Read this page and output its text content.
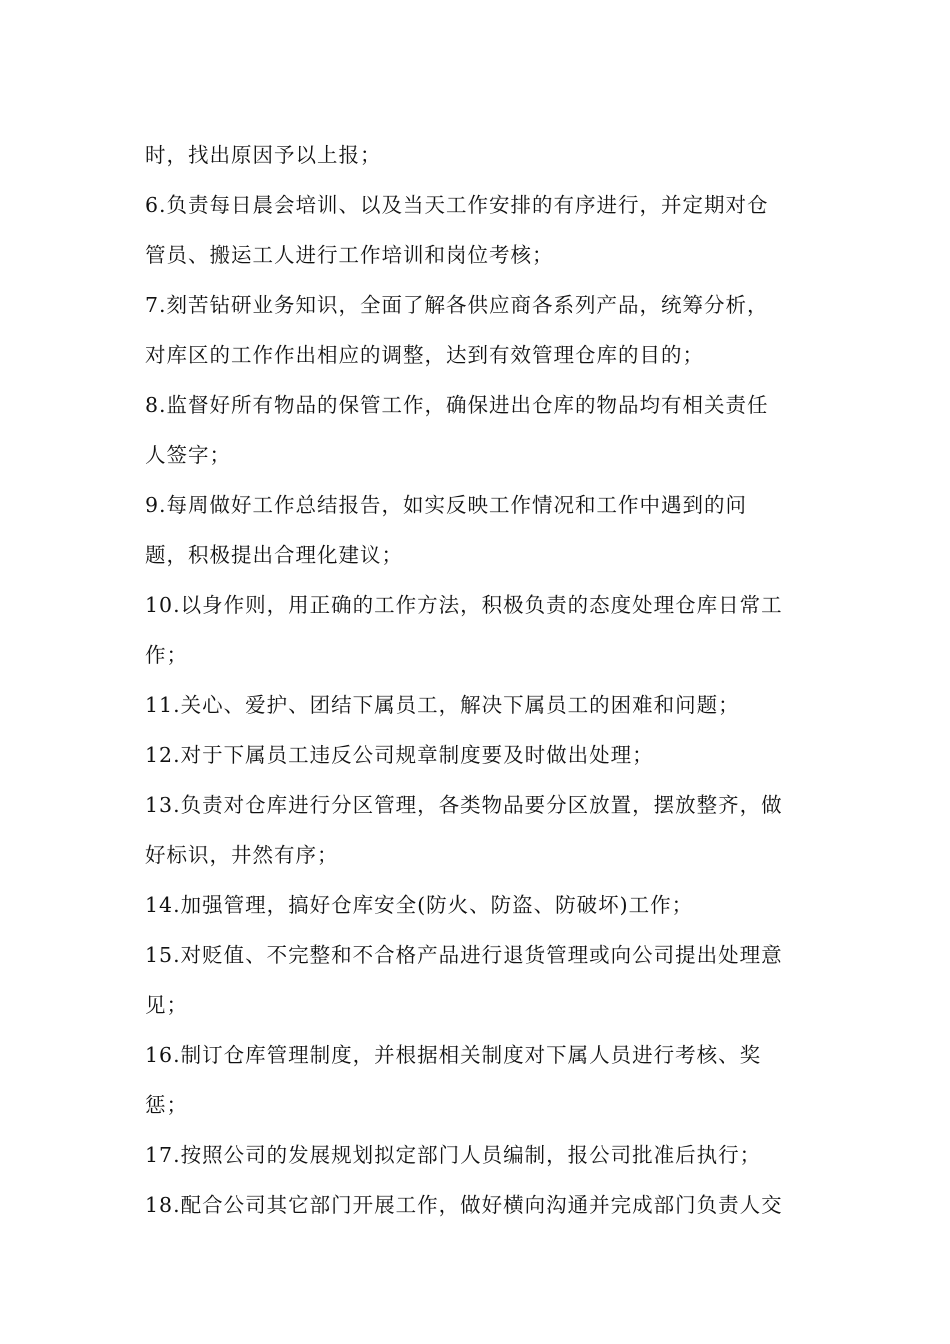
时，找出原因予以上报；
6.负责每日晨会培训、以及当天工作安排的有序进行，并定期对仓
管员、搬运工人进行工作培训和岗位考核；
7.刻苦钻研业务知识，全面了解各供应商各系列产品，统筹分析，
对库区的工作作出相应的调整，达到有效管理仓库的目的；
8.监督好所有物品的保管工作，确保进出仓库的物品均有相关责任
人签字；
9.每周做好工作总结报告，如实反映工作情况和工作中遇到的问
题，积极提出合理化建议；
10.以身作则，用正确的工作方法，积极负责的态度处理仓库日常工
作；
11.关心、爱护、团结下属员工，解决下属员工的困难和问题；
12.对于下属员工违反公司规章制度要及时做出处理；
13.负责对仓库进行分区管理，各类物品要分区放置，摆放整齐，做
好标识，井然有序；
14.加强管理，搞好仓库安全(防火、防盗、防破坏)工作；
15.对贬值、不完整和不合格产品进行退货管理或向公司提出处理意
见；
16.制订仓库管理制度，并根据相关制度对下属人员进行考核、奖
惩；
17.按照公司的发展规划拟定部门人员编制，报公司批准后执行；
18.配合公司其它部门开展工作，做好横向沟通并完成部门负责人交
